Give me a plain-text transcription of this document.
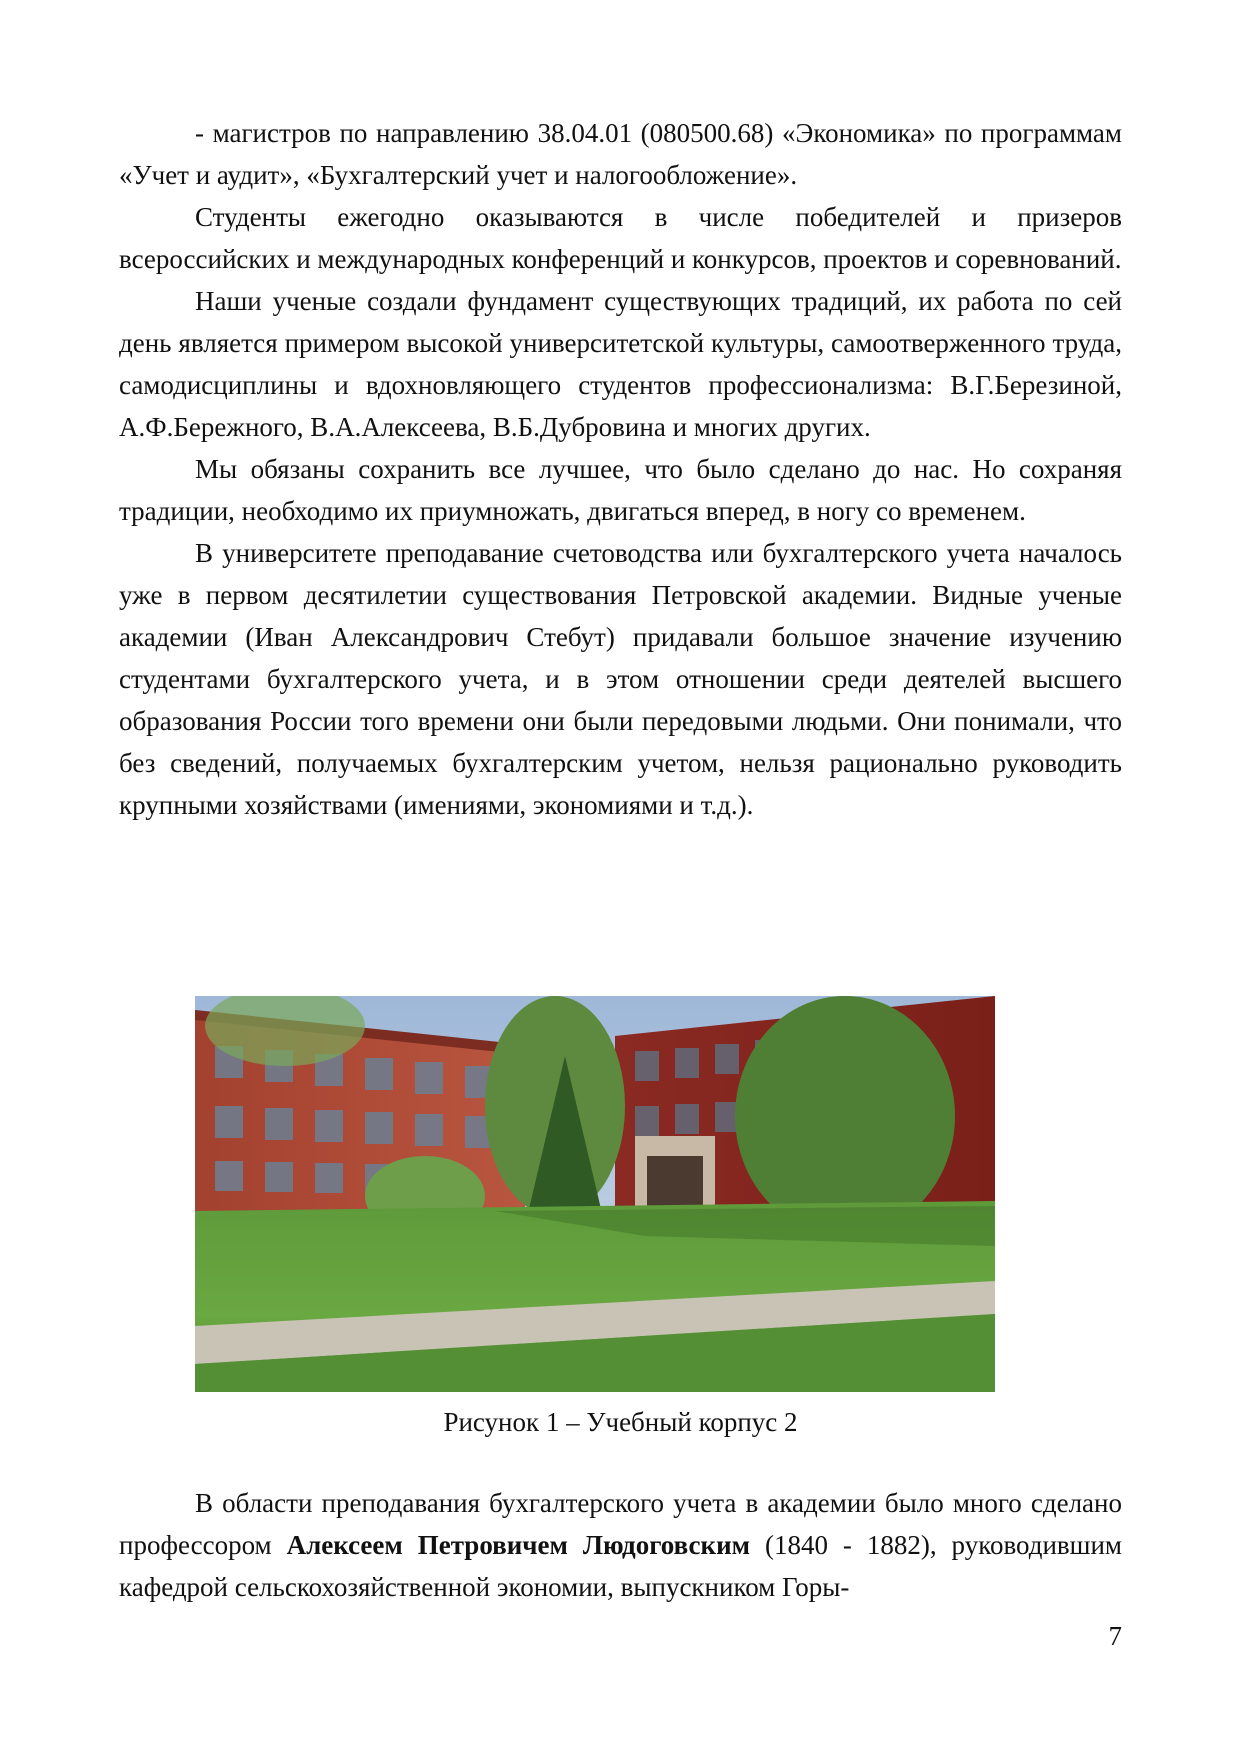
- магистров по направлению 38.04.01 (080500.68) «Экономика» по программам «Учет и аудит», «Бухгалтерский учет и налогообложение».

Студенты ежегодно оказываются в числе победителей и призеров всероссийских и международных конференций и конкурсов, проектов и соревнований.

Наши ученые создали фундамент существующих традиций, их работа по сей день является примером высокой университетской культуры, самоотверженного труда, самодисциплины и вдохновляющего студентов профессионализма: В.Г.Березиной, А.Ф.Бережного, В.А.Алексеева, В.Б.Дубровина и многих других.

Мы обязаны сохранить все лучшее, что было сделано до нас. Но сохраняя традиции, необходимо их приумножать, двигаться вперед, в ногу со временем.

В университете преподавание счетоводства или бухгалтерского учета началось уже в первом десятилетии существования Петровской академии. Видные ученые академии (Иван Александрович Стебут) придавали большое значение изучению студентами бухгалтерского учета, и в этом отношении среди деятелей высшего образования России того времени они были передовыми людьми. Они понимали, что без сведений, получаемых бухгалтерским учетом, нельзя рационально руководить крупными хозяйствами (имениями, экономиями и т.д.).

Рисунок 1 – Учебный корпус 2

В области преподавания бухгалтерского учета в академии было много сделано профессором Алексеем Петровичем Людоговским (1840 - 1882), руководившим кафедрой сельскохозяйственной экономии, выпускником Горы-

7
